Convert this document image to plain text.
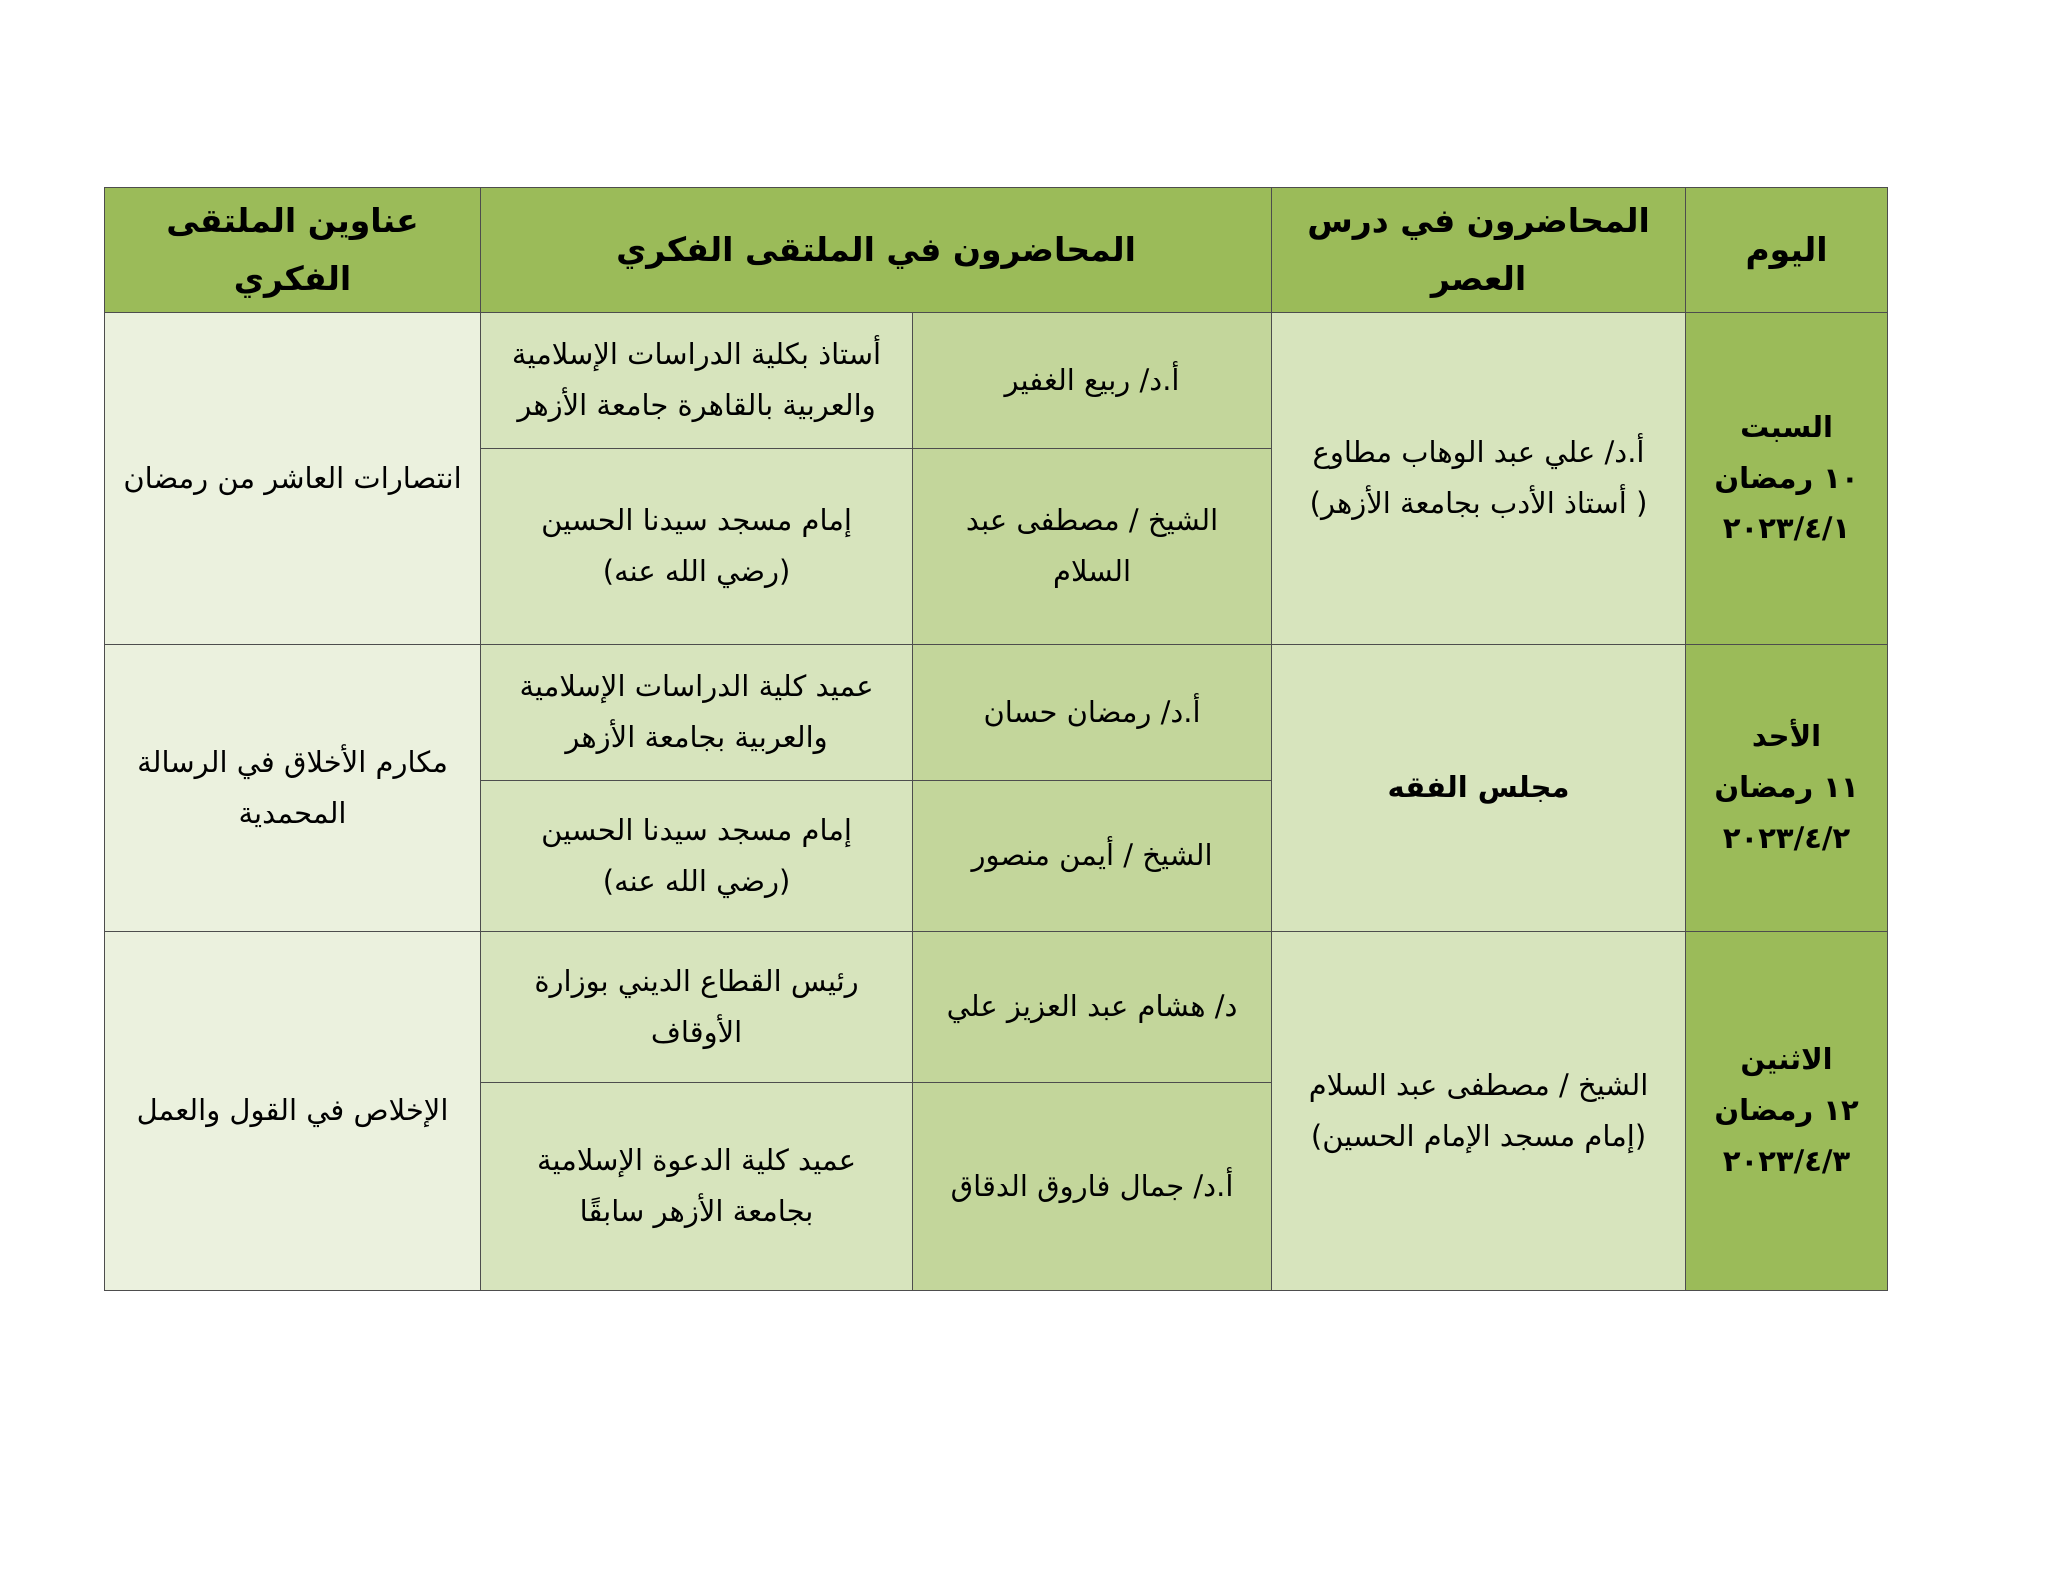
اليوم	المحاضرون في درس العصر	المحاضرون في الملتقى الفكري		عناوين الملتقى الفكري

السبت
١٠ رمضان
٢٠٢٣/٤/١	أ.د/ علي عبد الوهاب مطاوع
( أستاذ الأدب بجامعة الأزهر)	أ.د/ ربيع الغفير	أستاذ بكلية الدراسات الإسلامية
والعربية بالقاهرة جامعة الأزهر	انتصارات العاشر من رمضان

		الشيخ / مصطفى عبد
السلام	إمام مسجد سيدنا الحسين
(رضي الله عنه)	

الأحد
١١ رمضان
٢٠٢٣/٤/٢	مجلس الفقه	أ.د/ رمضان حسان	عميد كلية الدراسات الإسلامية
والعربية بجامعة الأزهر	مكارم الأخلاق في الرسالة
المحمدية

		الشيخ / أيمن منصور	إمام مسجد سيدنا الحسين
(رضي الله عنه)	

الاثنين
١٢ رمضان
٢٠٢٣/٤/٣	الشيخ / مصطفى عبد السلام
(إمام مسجد الإمام الحسين)	د/ هشام عبد العزيز علي	رئيس القطاع الديني بوزارة
الأوقاف	الإخلاص في القول والعمل

		أ.د/ جمال فاروق الدقاق	عميد كلية الدعوة الإسلامية
بجامعة الأزهر سابقًا	
